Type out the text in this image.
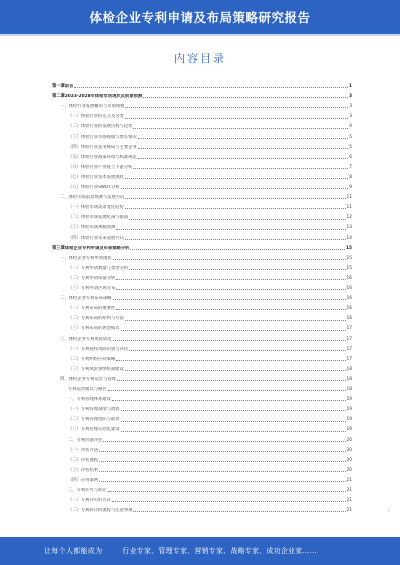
体检企业专利申请及布局策略研究报告
内容目录
第一章 前言	1
第二章 2023-2028年体检市场现状及前景预测	3
一、 体检行业发展概况与市场规模	3
（一） 体检行业的定义及分类	3
（二） 体检行业的发展历程与趋势	4
（三） 体检行业市场规模与增长情况	5
（四） 体检行业竞争格局与主要企业	5
（五） 体检行业政策环境与标准规范	6
（六） 体检行业产业链上下游分析	7
（七） 体检行业技术发展现状	8
（八） 体检行业SWOT分析	9
二、 体检市场前景预测与发展方向	11
（一） 体检市场需求变化趋势	11
（二） 体检市场发展机遇与挑战	12
（三） 体检市场规模预测	13
（四） 体检行业未来发展方向	14
第三章 体检企业专利申请及布局策略分析	15
一、 体检企业专利申请现状	15
（一） 专利申请数量与类型分析	15
（二） 专利申请质量分析	16
（三） 专利申请区域分布	16
二、 体检企业专利布局策略	16
（一） 专利布局的重要性	16
（二） 专利布局的原则与方法	16
（三） 专利布局的典型模式	17
三、 体检企业专利风险防范	17
（一） 专利侵权风险识别与评估	17
（二） 专利纠纷应对策略	17
（三） 专利风险预警机制建设	18
四、 体检企业专利运营与管理	18
专利运营模式与路径	18
一、 专利管理体系建设	19
（一） 专利管理制度与流程	19
（二） 专利管理团队与职责	19
（三） 专利管理信息化建设	19
二、 专利价值评估	20
（一） 评估方法	20
（二） 评估流程	20
（三） 评估结果	20
（四） 应用案例	21
三、 专利许可与转让	21
（一） 专利许可的方式	21
（二） 专利转让的流程与注意事项	21	I
让每个人都能成为	行业专家、管理专家、营销专家、战略专家、成功企业家……
